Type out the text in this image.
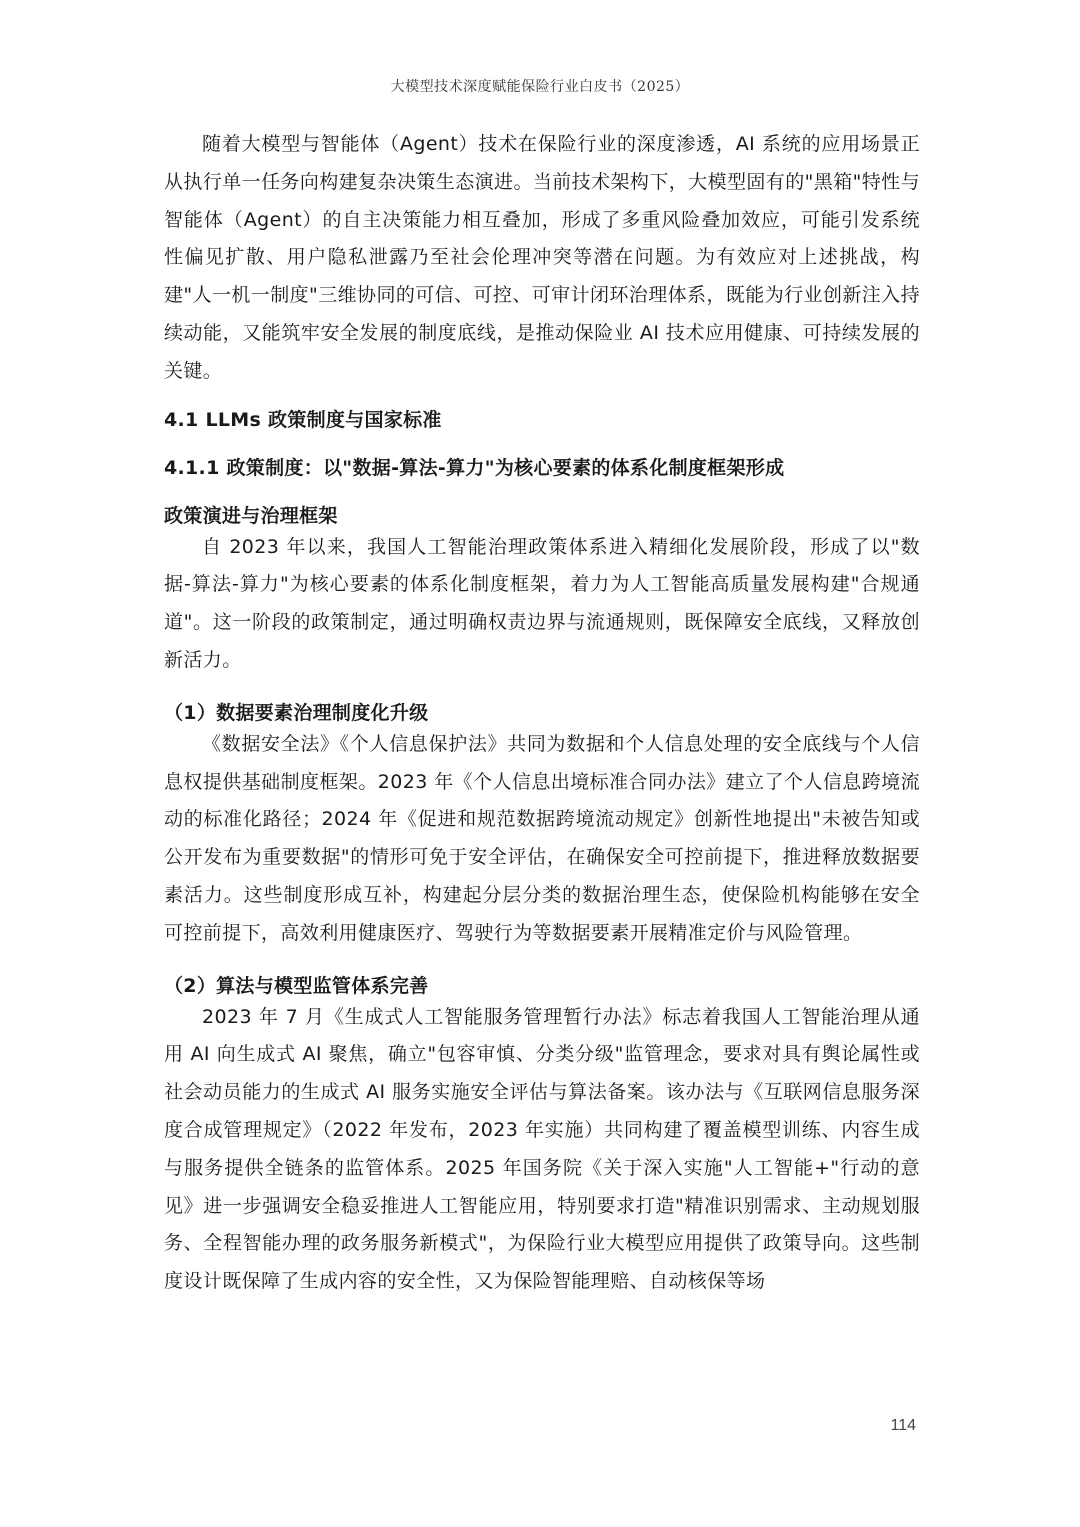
大模型技术深度赋能保险行业白皮书（2025）

随着大模型与智能体（Agent）技术在保险行业的深度渗透，AI 系统的应用场景正从执行单一任务向构建复杂决策生态演进。当前技术架构下，大模型固有的"黑箱"特性与智能体（Agent）的自主决策能力相互叠加，形成了多重风险叠加效应，可能引发系统性偏见扩散、用户隐私泄露乃至社会伦理冲突等潜在问题。为有效应对上述挑战，构建"人一机一制度"三维协同的可信、可控、可审计闭环治理体系，既能为行业创新注入持续动能，又能筑牢安全发展的制度底线，是推动保险业 AI 技术应用健康、可持续发展的关键。

4.1 LLMs 政策制度与国家标准
4.1.1 政策制度：以"数据-算法-算力"为核心要素的体系化制度框架形成
政策演进与治理框架

自 2023 年以来，我国人工智能治理政策体系进入精细化发展阶段，形成了以"数据-算法-算力"为核心要素的体系化制度框架，着力为人工智能高质量发展构建"合规通道"。这一阶段的政策制定，通过明确权责边界与流通规则，既保障安全底线，又释放创新活力。

（1）数据要素治理制度化升级

《数据安全法》《个人信息保护法》共同为数据和个人信息处理的安全底线与个人信息权提供基础制度框架。2023 年《个人信息出境标准合同办法》建立了个人信息跨境流动的标准化路径；2024 年《促进和规范数据跨境流动规定》创新性地提出"未被告知或公开发布为重要数据"的情形可免于安全评估，在确保安全可控前提下，推进释放数据要素活力。这些制度形成互补，构建起分层分类的数据治理生态，使保险机构能够在安全可控前提下，高效利用健康医疗、驾驶行为等数据要素开展精准定价与风险管理。

（2）算法与模型监管体系完善

2023 年 7 月《生成式人工智能服务管理暂行办法》标志着我国人工智能治理从通用 AI 向生成式 AI 聚焦，确立"包容审慎、分类分级"监管理念，要求对具有舆论属性或社会动员能力的生成式 AI 服务实施安全评估与算法备案。该办法与《互联网信息服务深度合成管理规定》（2022 年发布，2023 年实施）共同构建了覆盖模型训练、内容生成与服务提供全链条的监管体系。2025 年国务院《关于深入实施"人工智能+"行动的意见》进一步强调安全稳妥推进人工智能应用，特别要求打造"精准识别需求、主动规划服务、全程智能办理的政务服务新模式"，为保险行业大模型应用提供了政策导向。这些制度设计既保障了生成内容的安全性，又为保险智能理赔、自动核保等场

114
